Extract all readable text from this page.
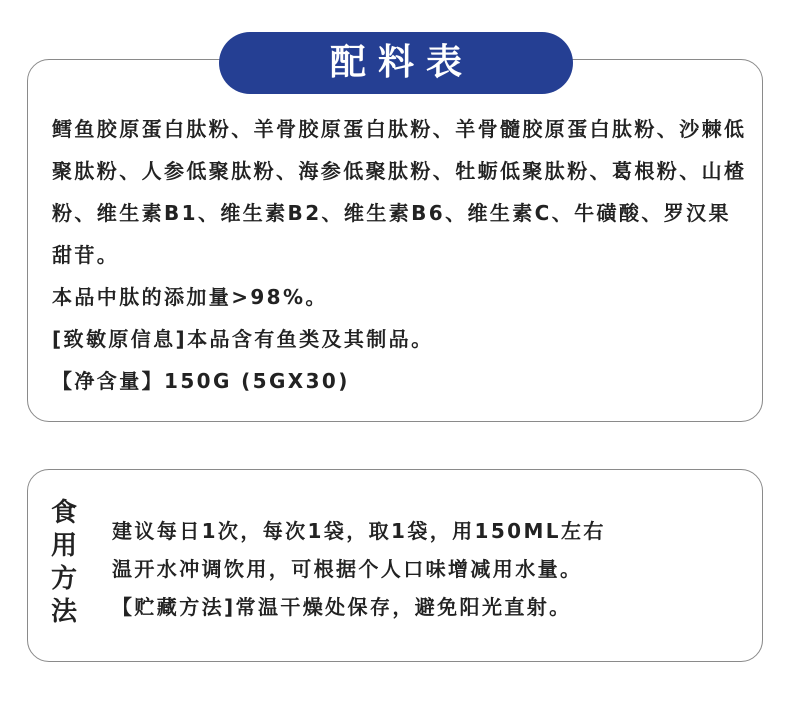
配料表
鳕鱼胶原蛋白肽粉、羊骨胶原蛋白肽粉、羊骨髓胶原蛋白肽粉、沙棘低聚肽粉、人参低聚肽粉、海参低聚肽粉、牡蛎低聚肽粉、葛根粉、山楂粉、维生素B1、维生素B2、维生素B6、维生素C、牛磺酸、罗汉果甜苷。
本品中肽的添加量>98%。
[致敏原信息]本品含有鱼类及其制品。
【净含量】150G (5GX30)
食用方法
建议每日1次，每次1袋，取1袋，用150ML左右
温开水冲调饮用，可根据个人口味增减用水量。
【贮藏方法]常温干燥处保存，避免阳光直射。
